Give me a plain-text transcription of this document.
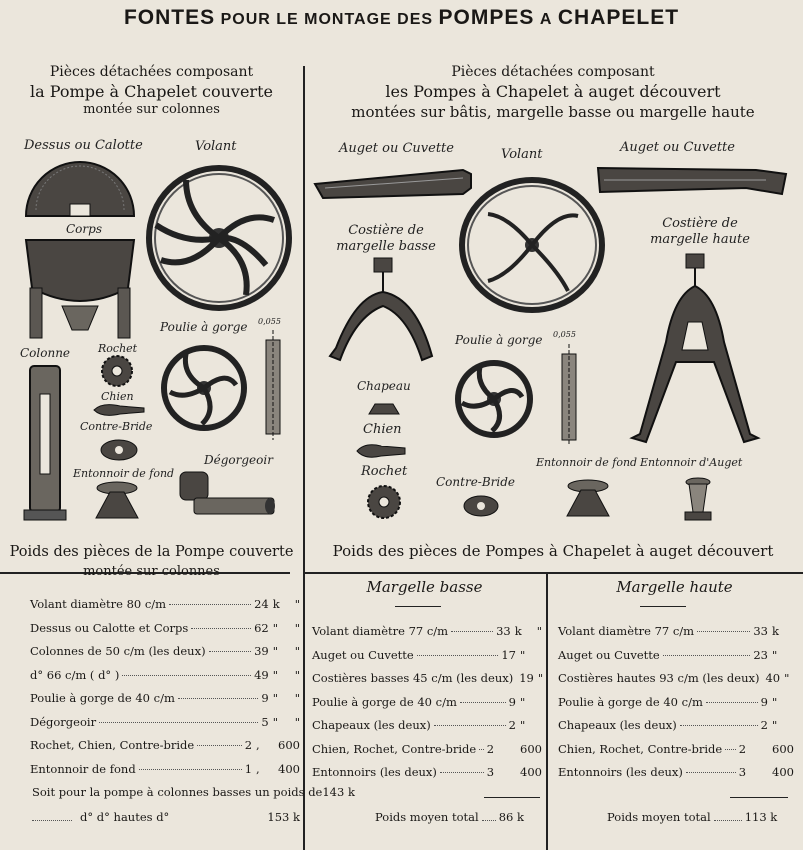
FONTES POUR LE MONTAGE DES POMPES A CHAPELET
Pièces détachées composant
la Pompe à Chapelet couverte
montée sur colonnes
Pièces détachées composant
les Pompes à Chapelet à auget découvert
montées sur bâtis, margelle basse ou margelle haute
Dessus ou Calotte	Volant
Corps
Colonne	Rochet
Chien
Contre-Bride
Entonnoir de fond
Poulie à gorge 0,055
Dégorgeoir
Auget ou Cuvette	Volant	Auget ou Cuvette
Costière de
margelle basse
Costière de
margelle haute
Poulie à gorge 0,055
Chapeau
Chien
Rochet
Contre-Bride
Entonnoir de fond Entonnoir d'Auget
Poids des pièces de la Pompe couverte
montée sur colonnes
Volant diamètre 80 c/m	24 k	"
Dessus ou Calotte et Corps	62 "	"
Colonnes de 50 c/m (les deux)	39 "	"
d° 66 c/m ( d° )	49 "	"
Poulie à gorge de 40 c/m	9 "	"
Dégorgeoir	5 "	"
Rochet, Chien, Contre-bride	2 ,	600
Entonnoir de fond	1 ,	400
Soit pour la pompe à colonnes basses un poids de 143 k
d° d° hautes d°	153 k
Poids des pièces de Pompes à Chapelet à auget découvert
Margelle basse	Margelle haute
Volant diamètre 77 c/m	33 k	"
Auget ou Cuvette	17 "
Costières basses 45 c/m (les deux) 19 "
Poulie à gorge de 40 c/m	9 "
Chapeaux (les deux)	2 "
Chien, Rochet, Contre-bride 2 600
Entonnoirs (les deux)	3 400
Volant diamètre 77 c/m	33 k
Auget ou Cuvette	23 "
Costières hautes 93 c/m (les deux) 40 "
Poulie à gorge de 40 c/m	9 "
Chapeaux (les deux)	2 "
Chien, Rochet, Contre-bride 2 600
Entonnoirs (les deux)	3 400
Poids moyen total 86 k	Poids moyen total	113 k
